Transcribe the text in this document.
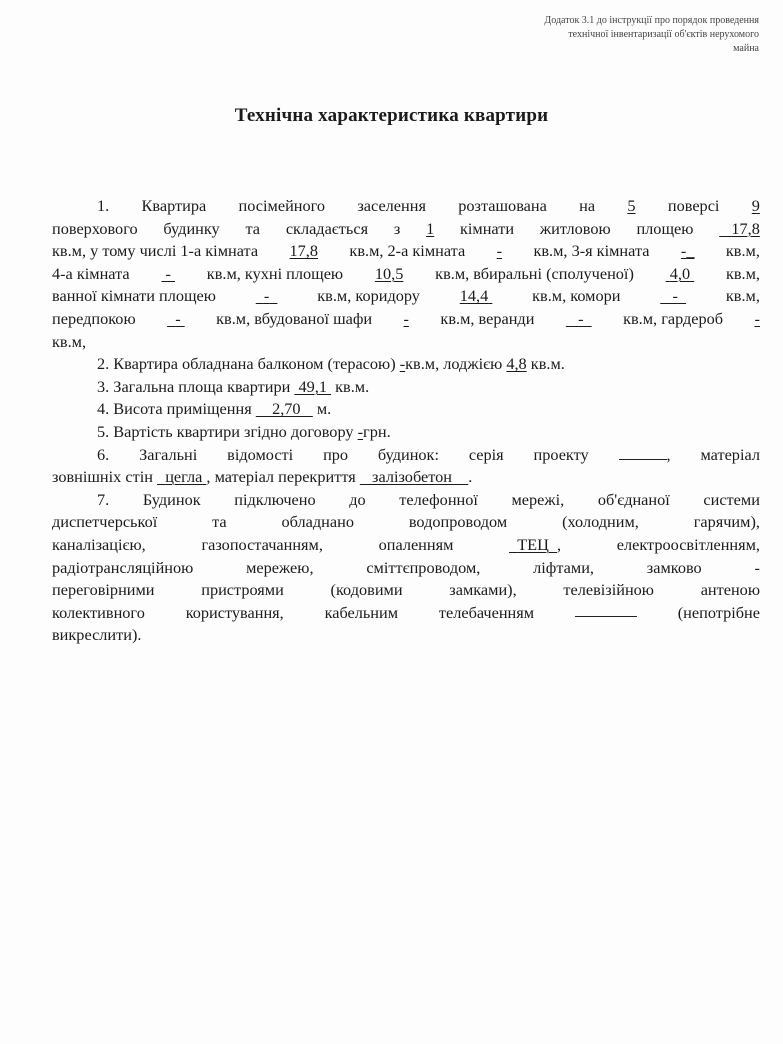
Додаток 3.1 до інструкції про порядок проведення
технічної інвентаризації об'єктів нерухомого
майна
Технічна характеристика квартири
1. Квартира посімейного заселення розташована на 5 поверсі 9
поверхового будинку та складається з 1 кімнати житловою площею	17,8
кв.м, у тому числі 1-а кімната 17,8 кв.м, 2-а кімната - кв.м, 3-я кімната -_ кв.м,
4-а кімната - кв.м, кухні площею 10,5 кв.м, вбиральні (сполученої) 4,0 кв.м,
ванної кімнати площею	-	кв.м, коридору 14,4	кв.м, комори	-	кв.м,
передпокою	- кв.м, вбудованої шафи - кв.м, веранди	-	кв.м, гардероб -
кв.м,
2. Квартира обладнана балконом (терасою) -кв.м, лоджією 4,8 кв.м.
3. Загальна площа квартири 49,1 кв.м.
4. Висота приміщення 2,70 м.
5. Вартість квартири згідно договору -грн.
6. Загальні відомості про будинок: серія проекту	, матеріал
зовнішніх стін цегла , матеріал перекриття залізобетон .
7. Будинок підключено до телефонної мережі, об'єднаної системи
диспетчерської	та	обладнано	водопроводом	(холодним,	гарячим),
каналізацією,	газопостачанням,	опаленням	ТЕЦ ,	електроосвітленням,
радіотрансляційною	мережею,	сміттєпроводом,	ліфтами,	замково	-
переговірними	пристроями	(кодовими	замками),	телевізійною	антеною
колективного	користування,	кабельним	телебаченням	(непотрібне
викреслити).
